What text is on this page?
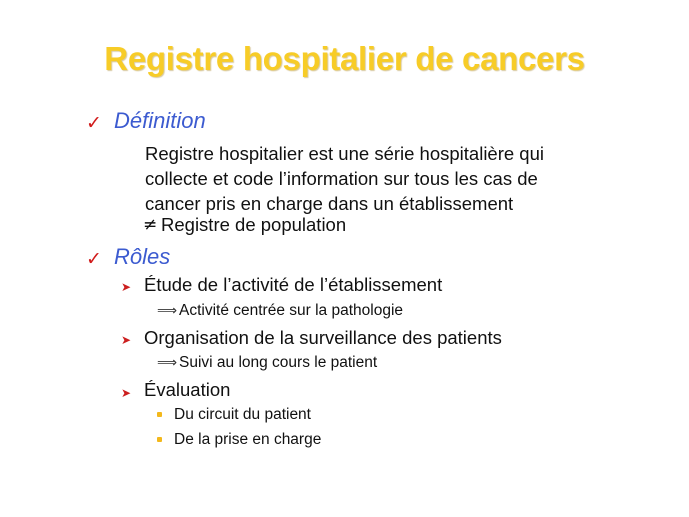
Registre hospitalier de cancers
✓ Définition
Registre hospitalier est une série hospitalière qui
collecte et code l’information sur tous les cas de
cancer pris en charge dans un établissement
≠ Registre de population
✓ Rôles
➤ Étude de l’activité de l’établissement
⟹ Activité centrée sur la pathologie
➤ Organisation de la surveillance des patients
⟹ Suivi au long cours le patient
➤ Évaluation
Du circuit du patient
De la prise en charge
